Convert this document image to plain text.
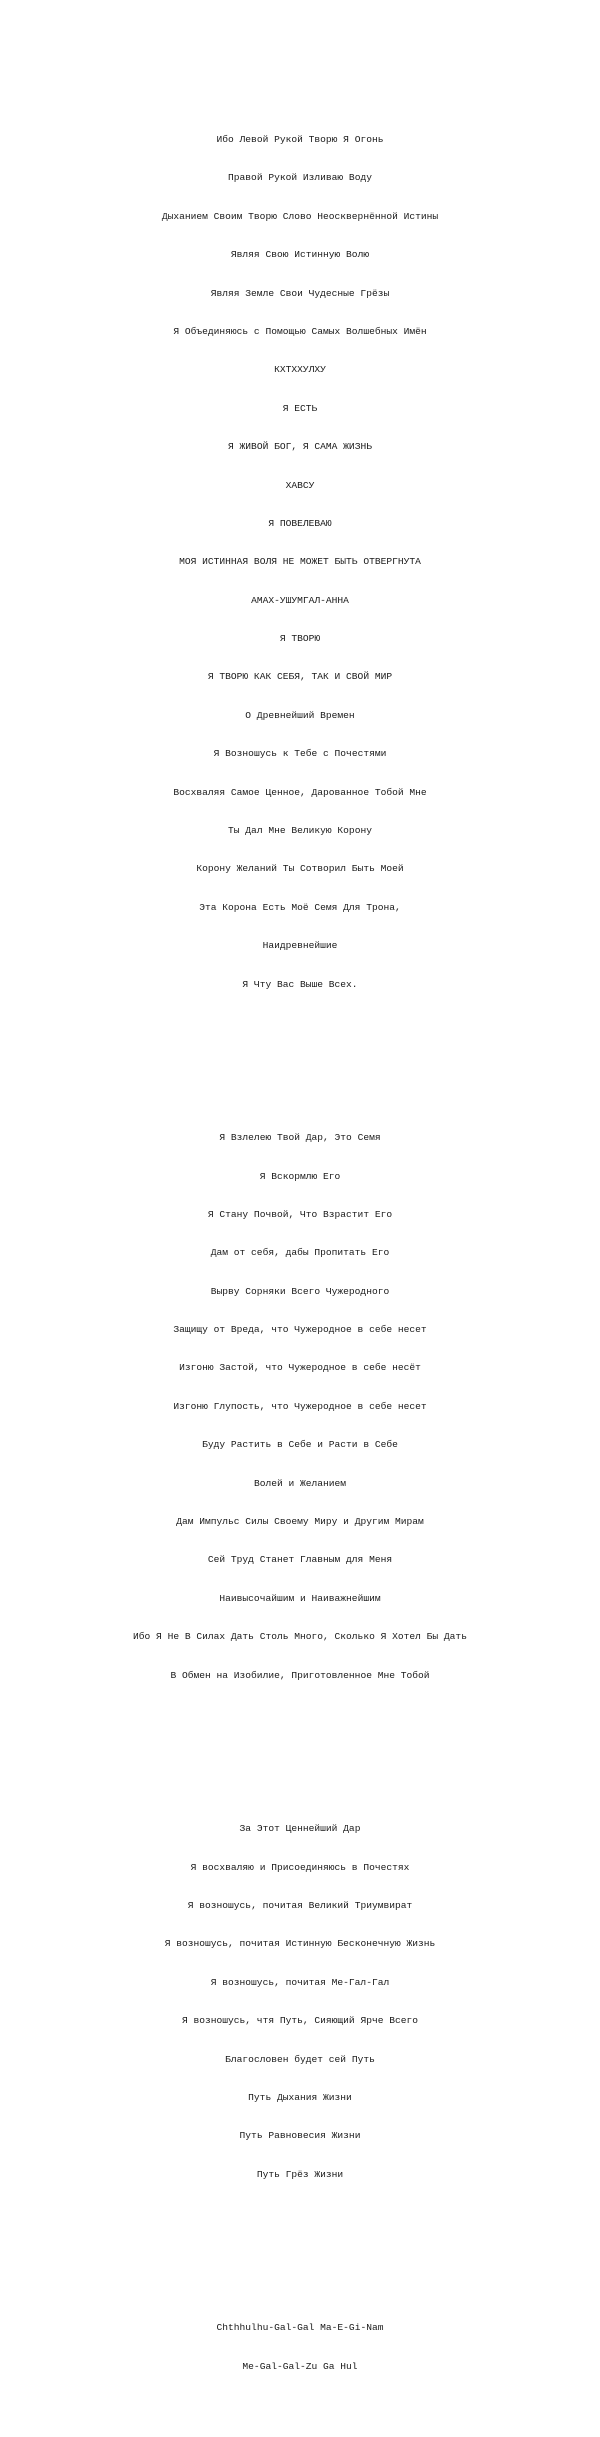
Ибо Левой Рукой Творю Я Огонь

Правой Рукой Изливаю Воду

Дыханием Своим Творю Слово Неосквернённой Истины

Являя Свою Истинную Волю

Являя Земле Свои Чудесные Грёзы

Я Объединяюсь с Помощью Самых Волшебных Имён

КХТХХУЛХУ

Я ЕСТЬ

Я ЖИВОЙ БОГ, Я САМА ЖИЗНЬ

ХАВСУ

Я ПОВЕЛЕВАЮ

МОЯ ИСТИННАЯ ВОЛЯ НЕ МОЖЕТ БЫТЬ ОТВЕРГНУТА

АМАХ-УШУМГАЛ-АННА

Я ТВОРЮ

Я ТВОРЮ КАК СЕБЯ, ТАК И СВОЙ МИР

О Древнейший Времен

Я Возношусь к Тебе с Почестями

Восхваляя Самое Ценное, Дарованное Тобой Мне

Ты Дал Мне Великую Корону

Корону Желаний Ты Сотворил Быть Моей

Эта Корона Есть Моё Семя Для Трона,

Наидревнейшие

Я Чту Вас Выше Всех.

Я Взлелею Твой Дар, Это Семя

Я Вскормлю Его

Я Стану Почвой, Что Взрастит Его

Дам от себя, дабы Пропитать Его

Вырву Сорняки Всего Чужеродного

Защищу от Вреда, что Чужеродное в себе несет

Изгоню Застой, что Чужеродное в себе несёт

Изгоню Глупость, что Чужеродное в себе несет

Буду Растить в Себе и Расти в Себе

Волей и Желанием

Дам Импульс Силы Своему Миру и Другим Мирам

Сей Труд Станет Главным для Меня

Наивысочайшим и Наиважнейшим

Ибо Я Не В Силах Дать Столь Много, Сколько Я Хотел Бы Дать

В Обмен на Изобилие, Приготовленное Мне Тобой

За Этот Ценнейший Дар

Я восхваляю и Присоединяюсь в Почестях

Я возношусь, почитая Великий Триумвират

Я возношусь, почитая Истинную Бесконечную Жизнь

Я возношусь, почитая Ме-Гал-Гал

Я возношусь, чтя Путь, Сияющий Ярче Всего

Благословен будет сей Путь

Путь Дыхания Жизни

Путь Равновесия Жизни

Путь Грёз Жизни

Chthhulhu-Gal-Gal Ma-E-Gi-Nam

Me-Gal-Gal-Zu Ga Hul
